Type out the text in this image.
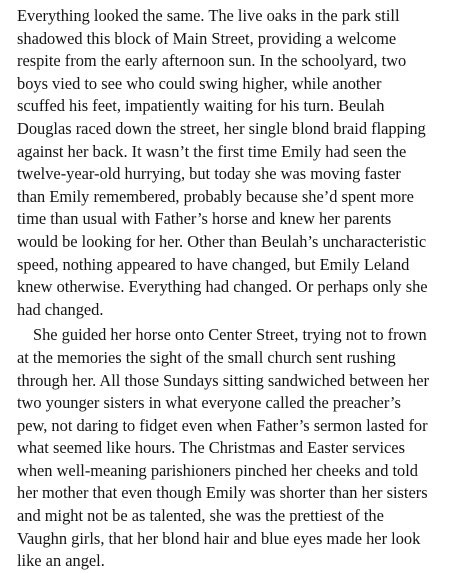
Everything looked the same. The live oaks in the park still
shadowed this block of Main Street, providing a welcome
respite from the early afternoon sun. In the schoolyard, two
boys vied to see who could swing higher, while another
scuffed his feet, impatiently waiting for his turn. Beulah
Douglas raced down the street, her single blond braid flapping
against her back. It wasn’t the first time Emily had seen the
twelve-year-old hurrying, but today she was moving faster
than Emily remembered, probably because she’d spent more
time than usual with Father’s horse and knew her parents
would be looking for her. Other than Beulah’s uncharacteristic
speed, nothing appeared to have changed, but Emily Leland
knew otherwise. Everything had changed. Or perhaps only she
had changed.

She guided her horse onto Center Street, trying not to frown
at the memories the sight of the small church sent rushing
through her. All those Sundays sitting sandwiched between her
two younger sisters in what everyone called the preacher’s
pew, not daring to fidget even when Father’s sermon lasted for
what seemed like hours. The Christmas and Easter services
when well-meaning parishioners pinched her cheeks and told
her mother that even though Emily was shorter than her sisters
and might not be as talented, she was the prettiest of the
Vaughn girls, that her blond hair and blue eyes made her look
like an angel.
